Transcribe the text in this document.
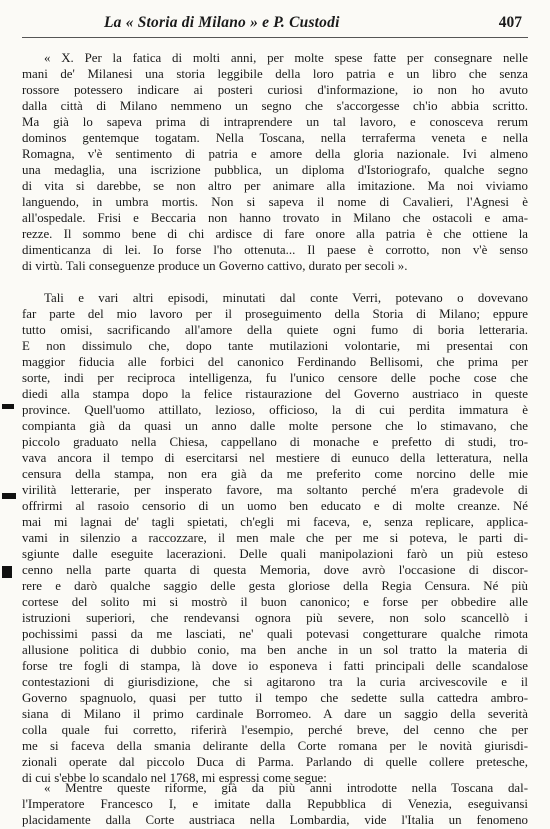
La « Storia di Milano » e P. Custodi	407
« X. Per la fatica di molti anni, per molte spese fatte per consegnare nelle
mani de' Milanesi una storia leggibile della loro patria e un libro che senza
rossore potessero indicare ai posteri curiosi d'informazione, io non ho avuto
dalla città di Milano nemmeno un segno che s'accorgesse ch'io abbia scritto.
Ma già lo sapeva prima di intraprendere un tal lavoro, e conosceva rerum
dominos gentemque togatam. Nella Toscana, nella terraferma veneta e nella
Romagna, v'è sentimento di patria e amore della gloria nazionale. Ivi almeno
una medaglia, una iscrizione pubblica, un diploma d'Istoriografo, qualche segno
di vita si darebbe, se non altro per animare alla imitazione. Ma noi viviamo
languendo, in umbra mortis. Non si sapeva il nome di Cavalieri, l'Agnesi è
all'ospedale. Frisi e Beccaria non hanno trovato in Milano che ostacoli e ama-
rezze. Il sommo bene di chi ardisce di fare onore alla patria è che ottiene la
dimenticanza di lei. Io forse l'ho ottenuta... Il paese è corrotto, non v'è senso
di virtù. Tali conseguenze produce un Governo cattivo, durato per secoli ».
Tali e vari altri episodi, minutati dal conte Verri, potevano o dovevano
far parte del mio lavoro per il proseguimento della Storia di Milano; eppure
tutto omisi, sacrificando all'amore della quiete ogni fumo di boria letteraria.
E non dissimulo che, dopo tante mutilazioni volontarie, mi presentai con
maggior fiducia alle forbici del canonico Ferdinando Bellisomi, che prima per
sorte, indi per reciproca intelligenza, fu l'unico censore delle poche cose che
diedi alla stampa dopo la felice ristaurazione del Governo austriaco in queste
province. Quell'uomo attillato, lezioso, officioso, la di cui perdita immatura è
compianta già da quasi un anno dalle molte persone che lo stimavano, che
piccolo graduato nella Chiesa, cappellano di monache e prefetto di studi, tro-
vava ancora il tempo di esercitarsi nel mestiere di eunuco della letteratura, nella
censura della stampa, non era già da me preferito come norcino delle mie
virilità letterarie, per insperato favore, ma soltanto perché m'era gradevole di
offrirmi al rasoio censorio di un uomo ben educato e di molte creanze. Né
mai mi lagnai de' tagli spietati, ch'egli mi faceva, e, senza replicare, applica-
vami in silenzio a raccozzare, il men male che per me si poteva, le parti di-
sgiunte dalle eseguite lacerazioni. Delle quali manipolazioni farò un più esteso
cenno nella parte quarta di questa Memoria, dove avrò l'occasione di discor-
rere e darò qualche saggio delle gesta gloriose della Regia Censura. Né più
cortese del solito mi si mostrò il buon canonico; e forse per obbedire alle
istruzioni superiori, che rendevansi ognora più severe, non solo scancellò i
pochissimi passi da me lasciati, ne' quali potevasi congetturare qualche rimota
allusione politica di dubbio conio, ma ben anche in un sol tratto la materia di
forse tre fogli di stampa, là dove io esponeva i fatti principali delle scandalose
contestazioni di giurisdizione, che si agitarono tra la curia arcivescovile e il
Governo spagnuolo, quasi per tutto il tempo che sedette sulla cattedra ambro-
siana di Milano il primo cardinale Borromeo. A dare un saggio della severità
colla quale fui corretto, riferirà l'esempio, perché breve, del cenno che per
me si faceva della smania delirante della Corte romana per le novità giurisdi-
zionali operate dal piccolo Duca di Parma. Parlando di quelle collere pretesche,
di cui s'ebbe lo scandalo nel 1768, mi espressi come segue:
« Mentre queste riforme, già da più anni introdotte nella Toscana dal-
l'Imperatore Francesco I, e imitate dalla Repubblica di Venezia, eseguivansi
placidamente dalla Corte austriaca nella Lombardia, vide l'Italia un fenomeno
